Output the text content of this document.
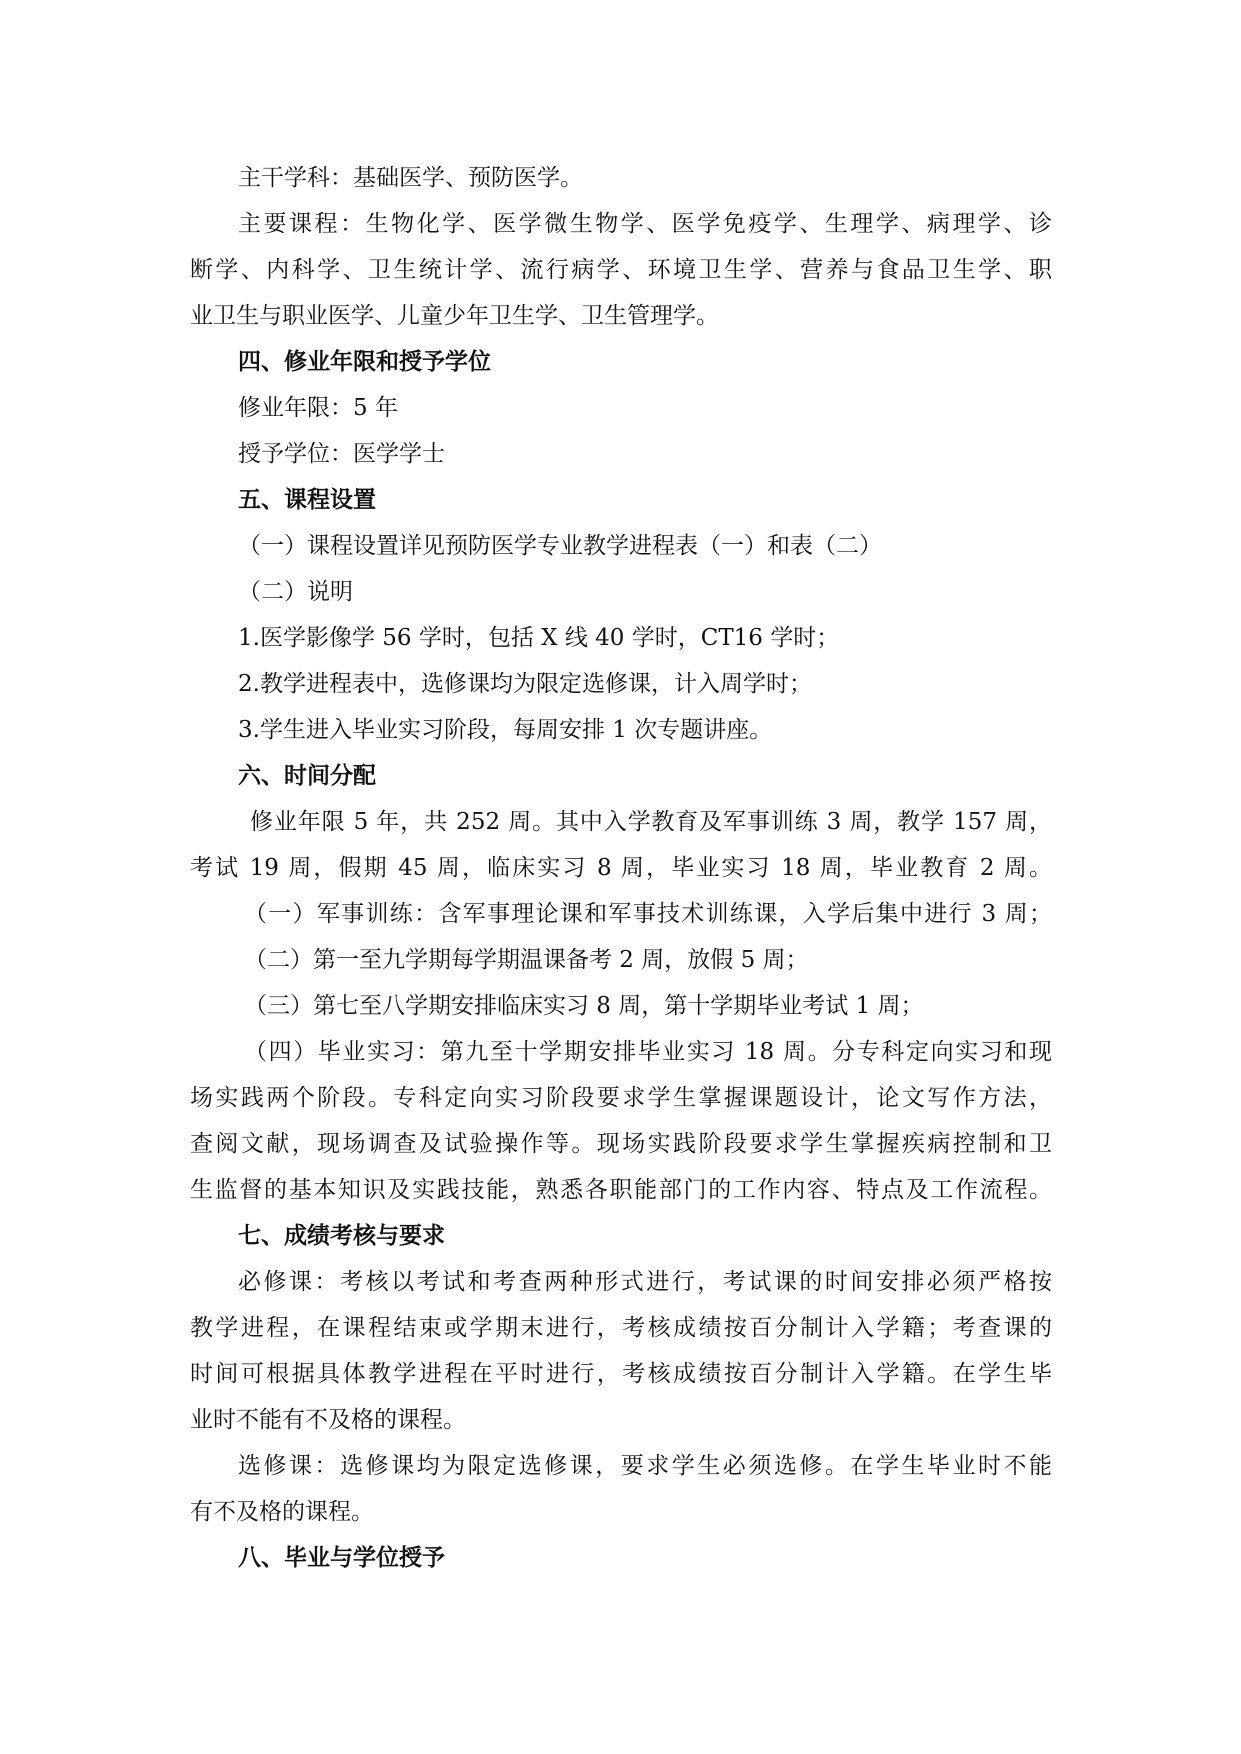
主干学科：基础医学、预防医学。
主要课程：生物化学、医学微生物学、医学免疫学、生理学、病理学、诊
断学、内科学、卫生统计学、流行病学、环境卫生学、营养与食品卫生学、职
业卫生与职业医学、儿童少年卫生学、卫生管理学。
四、修业年限和授予学位
修业年限：5 年
授予学位：医学学士
五、课程设置
（一）课程设置详见预防医学专业教学进程表（一）和表（二）
（二）说明
1.医学影像学 56 学时，包括 X 线 40 学时，CT16 学时；
2.教学进程表中，选修课均为限定选修课，计入周学时；
3.学生进入毕业实习阶段，每周安排 1 次专题讲座。
六、时间分配
修业年限 5 年，共 252 周。其中入学教育及军事训练 3 周，教学 157 周，
考试 19 周，假期 45 周，临床实习 8 周，毕业实习 18 周，毕业教育 2 周。
（一）军事训练：含军事理论课和军事技术训练课，入学后集中进行 3 周；
（二）第一至九学期每学期温课备考 2 周，放假 5 周；
（三）第七至八学期安排临床实习 8 周，第十学期毕业考试 1 周；
（四）毕业实习：第九至十学期安排毕业实习 18 周。分专科定向实习和现
场实践两个阶段。专科定向实习阶段要求学生掌握课题设计，论文写作方法，
查阅文献，现场调查及试验操作等。现场实践阶段要求学生掌握疾病控制和卫
生监督的基本知识及实践技能，熟悉各职能部门的工作内容、特点及工作流程。
七、成绩考核与要求
必修课：考核以考试和考查两种形式进行，考试课的时间安排必须严格按
教学进程，在课程结束或学期末进行，考核成绩按百分制计入学籍；考查课的
时间可根据具体教学进程在平时进行，考核成绩按百分制计入学籍。在学生毕
业时不能有不及格的课程。
选修课：选修课均为限定选修课，要求学生必须选修。在学生毕业时不能
有不及格的课程。
八、毕业与学位授予
